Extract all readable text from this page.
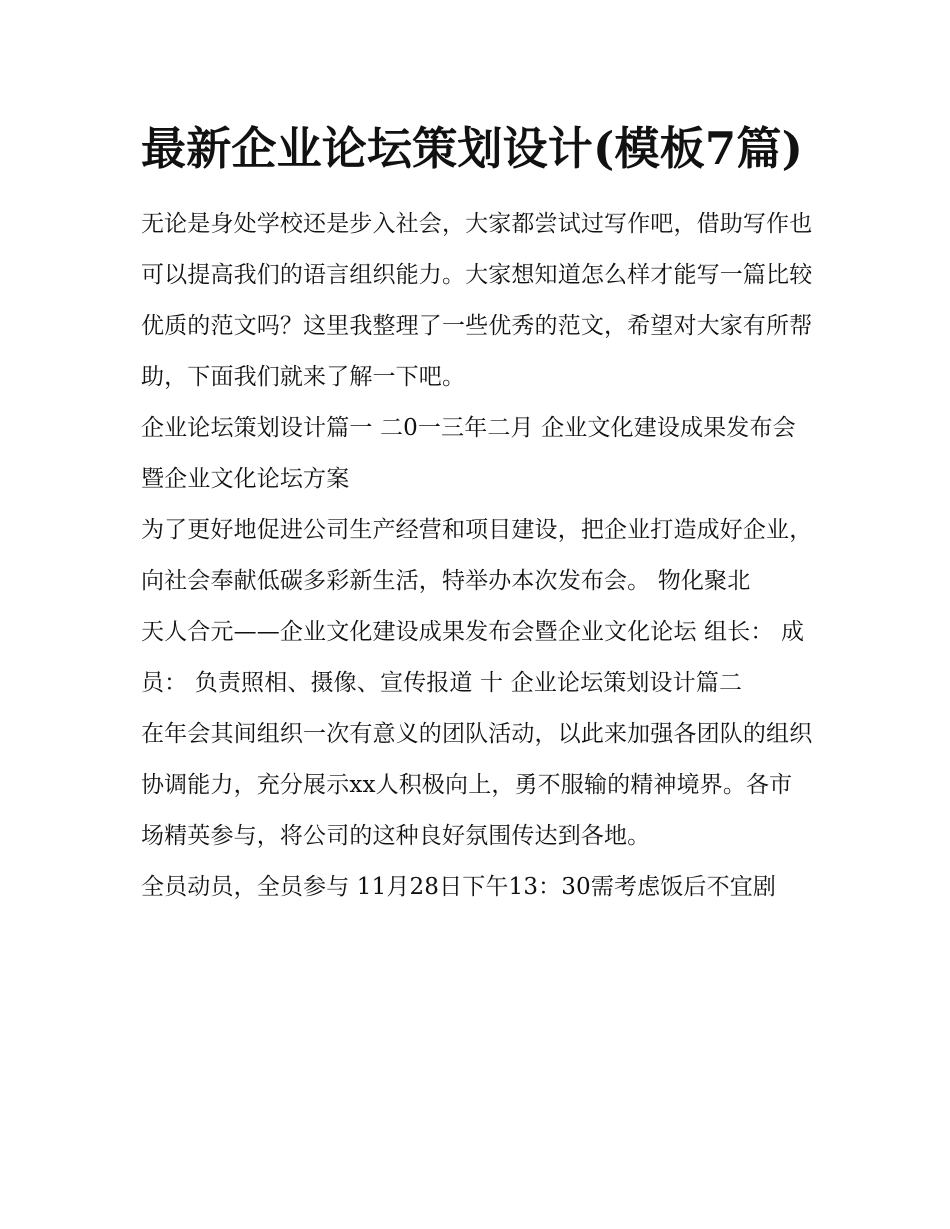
最新企业论坛策划设计(模板7篇)

无论是身处学校还是步入社会，大家都尝试过写作吧，借助写作也可以提高我们的语言组织能力。大家想知道怎么样才能写一篇比较优质的范文吗？这里我整理了一些优秀的范文，希望对大家有所帮助，下面我们就来了解一下吧。

企业论坛策划设计篇一 二0一三年二月 企业文化建设成果发布会暨企业文化论坛方案

为了更好地促进公司生产经营和项目建设，把企业打造成好企业，向社会奉献低碳多彩新生活，特举办本次发布会。 物化聚北

天人合元——企业文化建设成果发布会暨企业文化论坛 组长： 成员： 负责照相、摄像、宣传报道 十 企业论坛策划设计篇二

在年会其间组织一次有意义的团队活动，以此来加强各团队的组织协调能力，充分展示xx人积极向上，勇不服输的精神境界。各市场精英参与，将公司的这种良好氛围传达到各地。

全员动员，全员参与 11月28日下午13：30需考虑饭后不宜剧
